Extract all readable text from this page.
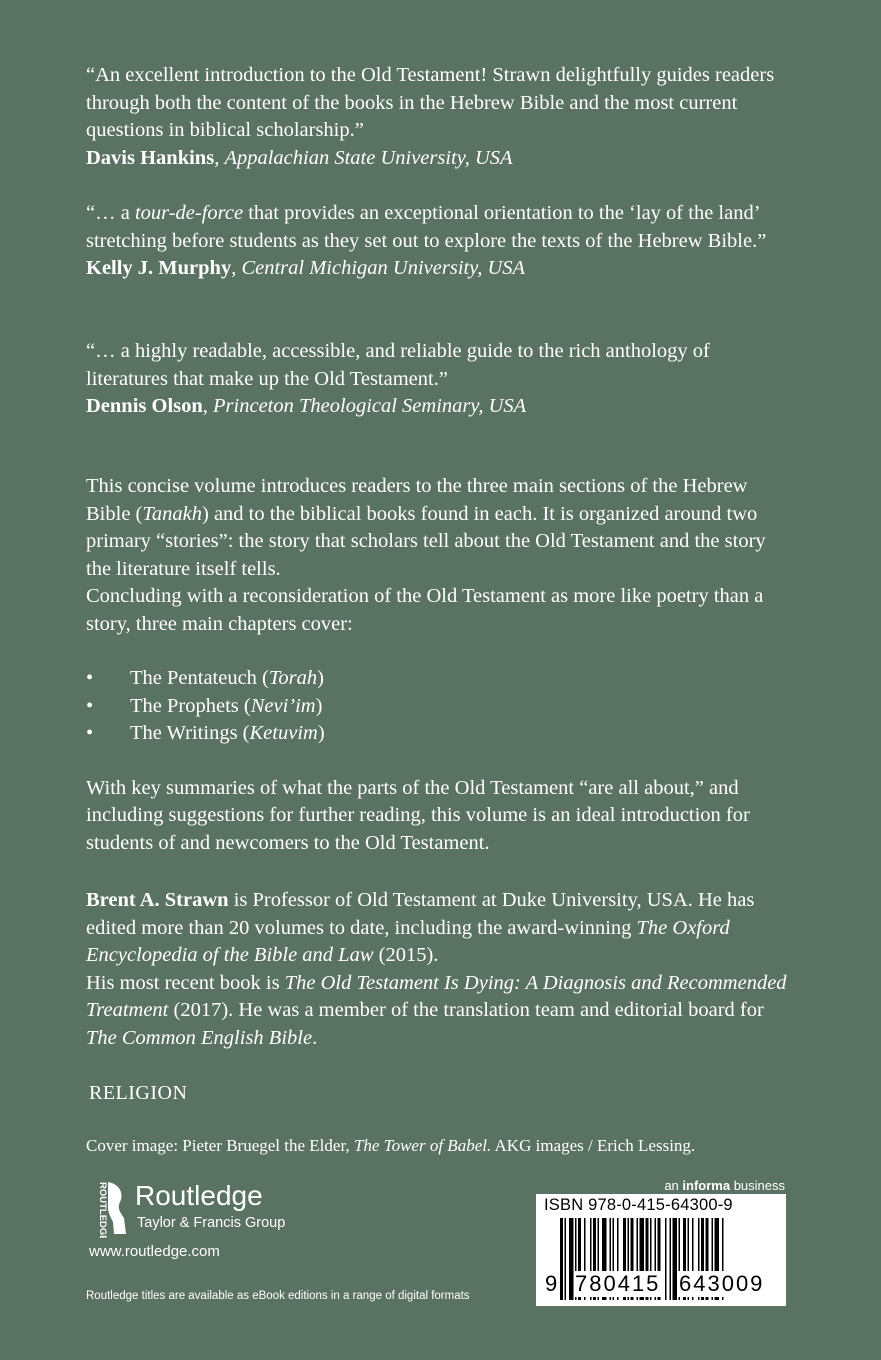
“An excellent introduction to the Old Testament! Strawn delightfully guides readers through both the content of the books in the Hebrew Bible and the most current questions in biblical scholarship.”

Davis Hankins, Appalachian State University, USA

“… a tour-de-force that provides an exceptional orientation to the ‘lay of the land’ stretching before students as they set out to explore the texts of the Hebrew Bible.”

Kelly J. Murphy, Central Michigan University, USA

“… a highly readable, accessible, and reliable guide to the rich anthology of literatures that make up the Old Testament.”

Dennis Olson, Princeton Theological Seminary, USA

This concise volume introduces readers to the three main sections of the Hebrew Bible (Tanakh) and to the biblical books found in each. It is organized around two primary “stories”: the story that scholars tell about the Old Testament and the story the literature itself tells.

Concluding with a reconsideration of the Old Testament as more like poetry than a story, three main chapters cover:

• The Pentateuch (Torah)
• The Prophets (Nevi’im)
• The Writings (Ketuvim)

With key summaries of what the parts of the Old Testament “are all about,” and including suggestions for further reading, this volume is an ideal introduction for students of and newcomers to the Old Testament.

Brent A. Strawn is Professor of Old Testament at Duke University, USA. He has edited more than 20 volumes to date, including the award-winning The Oxford Encyclopedia of the Bible and Law (2015).

His most recent book is The Old Testament Is Dying: A Diagnosis and Recommended Treatment (2017). He was a member of the translation team and editorial board for The Common English Bible.

RELIGION
Cover image: Pieter Bruegel the Elder, The Tower of Babel. AKG images / Erich Lessing.
ROUTLEDGE Routledge
Taylor & Francis Group
www.routledge.com
Routledge titles are available as eBook editions in a range of digital formats
an informa business
ISBN 978-0-415-64300-9
9 780415 643009
